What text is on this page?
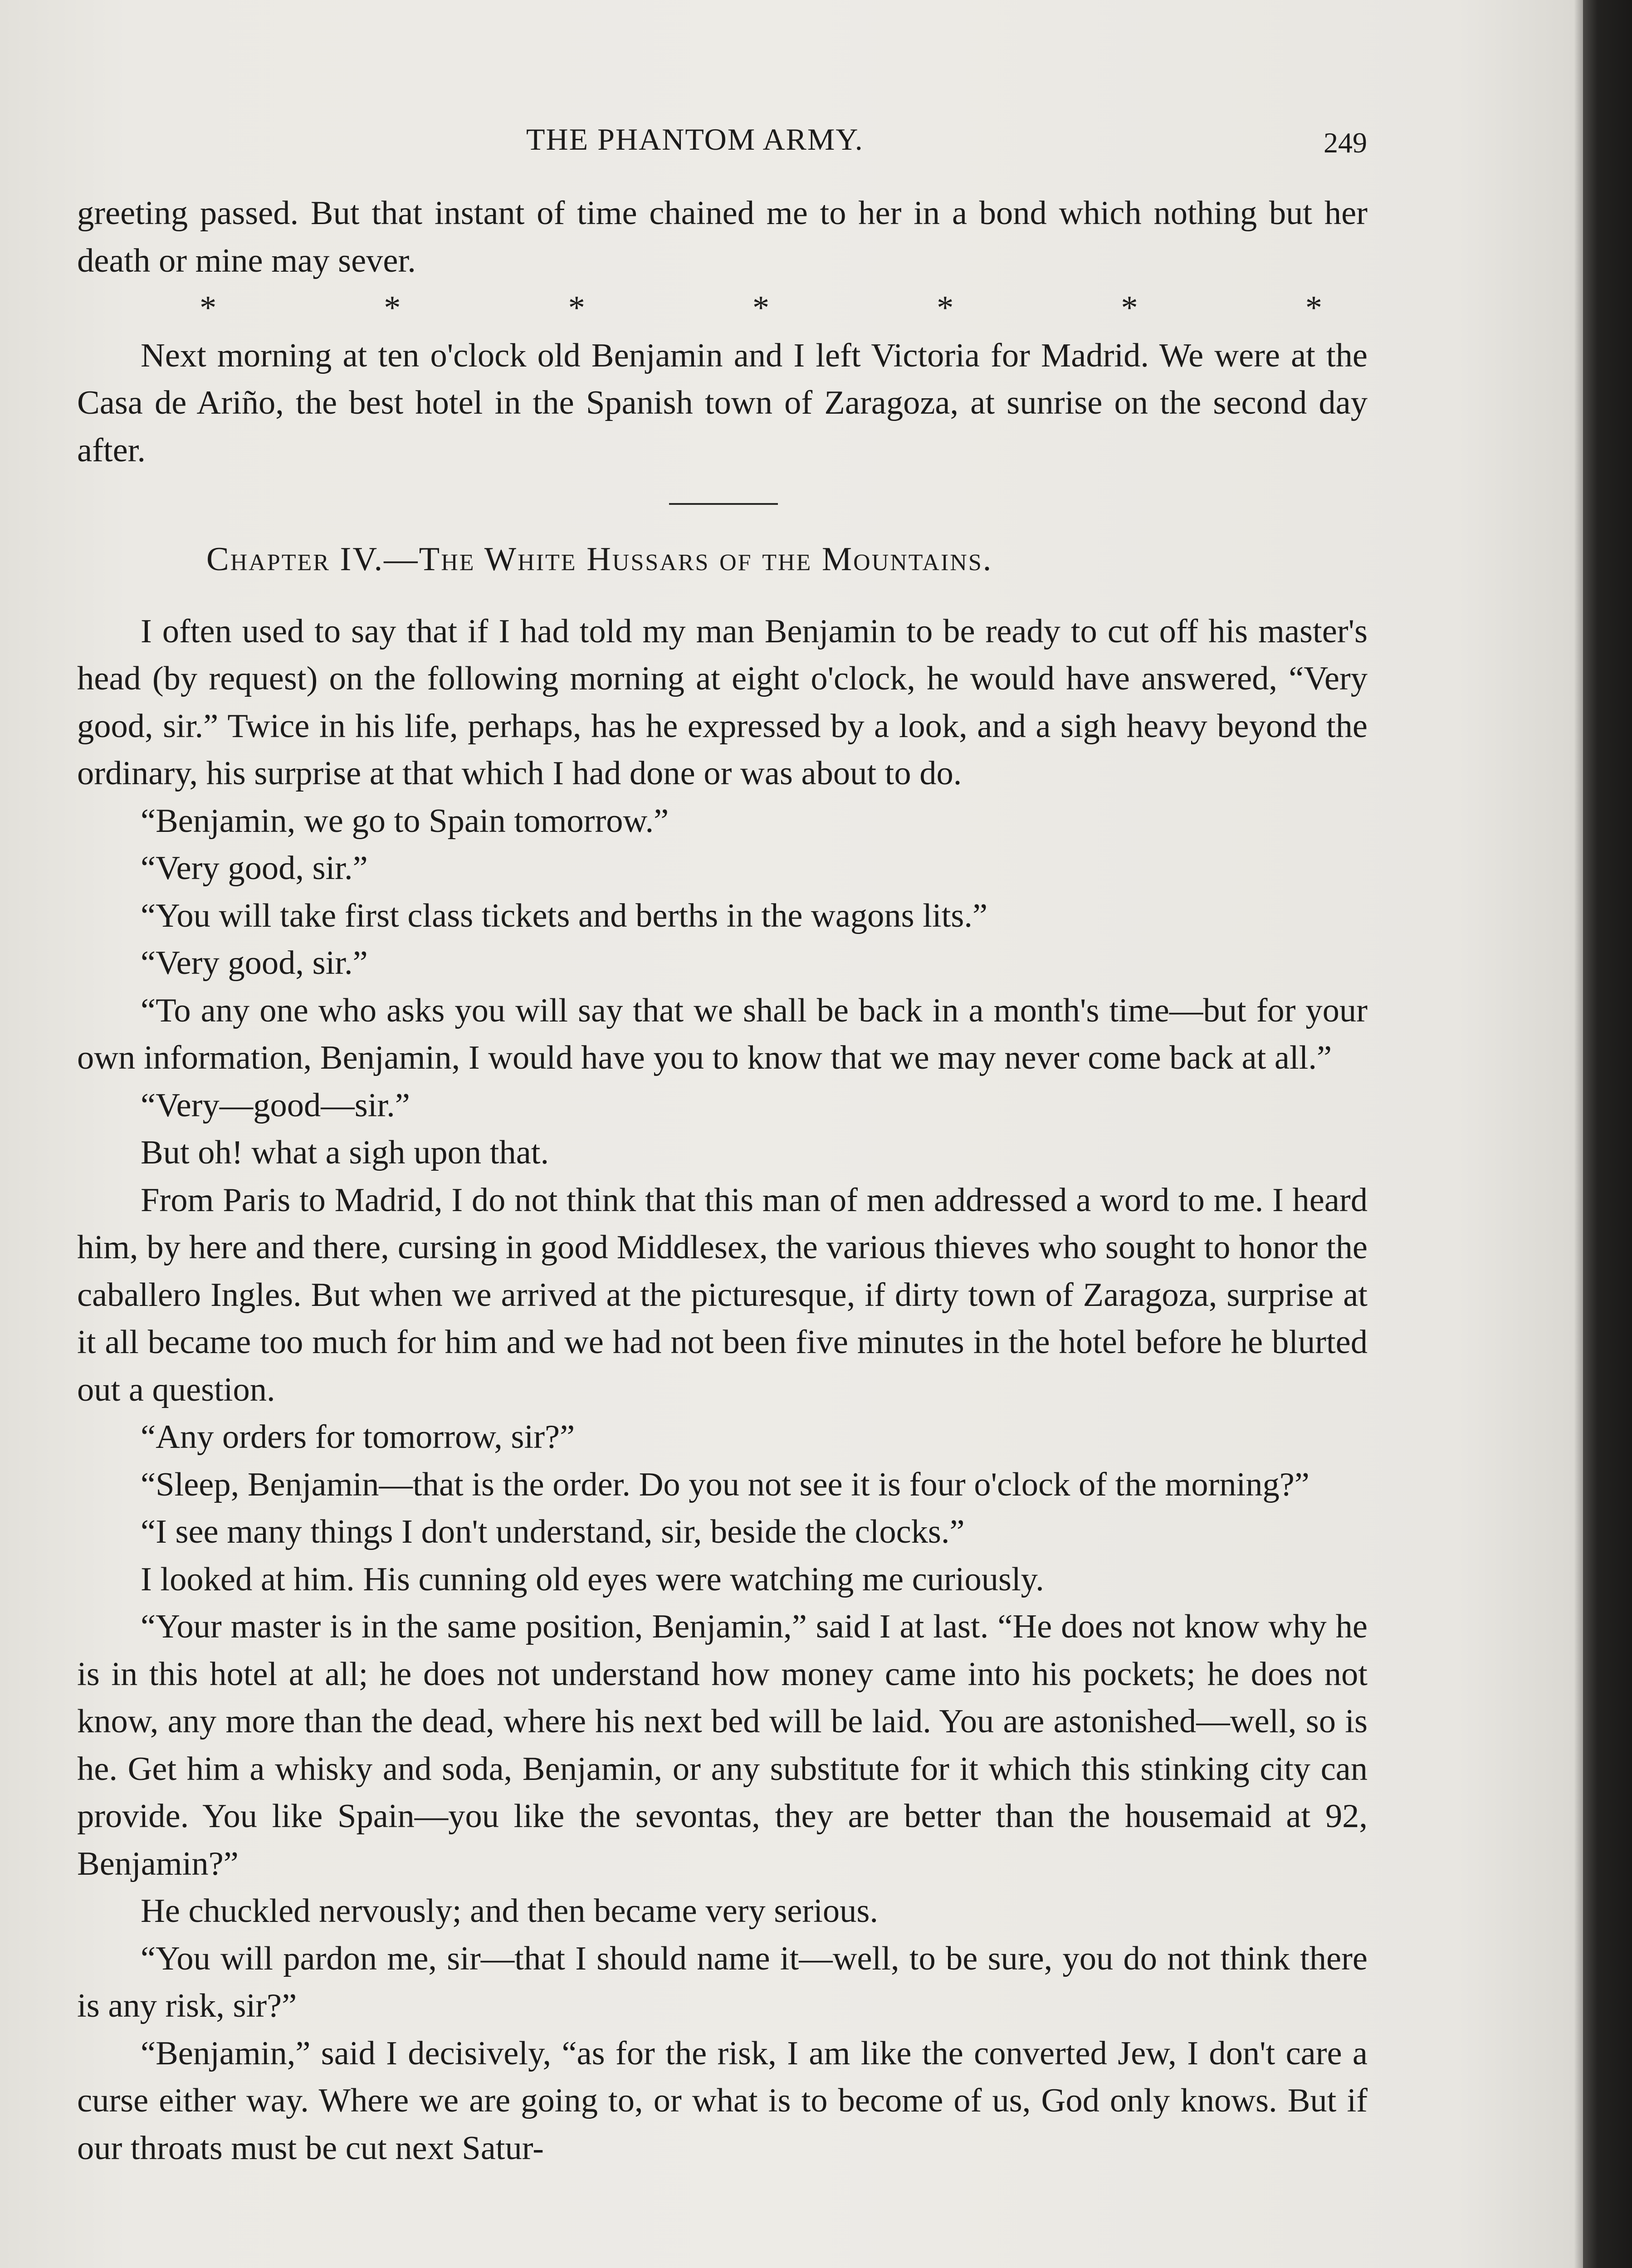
THE PHANTOM ARMY.	249

greeting passed. But that instant of time chained me to her in a bond which nothing but her death or mine may sever.

*	*	*	*	*	*	*

Next morning at ten o'clock old Benjamin and I left Victoria for Madrid. We were at the Casa de Ariño, the best hotel in the Spanish town of Zaragoza, at sunrise on the second day after.

Chapter IV.—The White Hussars of the Mountains.

I often used to say that if I had told my man Benjamin to be ready to cut off his master's head (by request) on the following morning at eight o'clock, he would have answered, “Very good, sir.” Twice in his life, perhaps, has he expressed by a look, and a sigh heavy beyond the ordinary, his surprise at that which I had done or was about to do.

“Benjamin, we go to Spain tomorrow.”

“Very good, sir.”

“You will take first class tickets and berths in the wagons lits.”

“Very good, sir.”

“To any one who asks you will say that we shall be back in a month's time—but for your own information, Benjamin, I would have you to know that we may never come back at all.”

“Very—good—sir.”

But oh! what a sigh upon that.

From Paris to Madrid, I do not think that this man of men addressed a word to me. I heard him, by here and there, cursing in good Middlesex, the various thieves who sought to honor the caballero Ingles. But when we arrived at the picturesque, if dirty town of Zaragoza, surprise at it all became too much for him and we had not been five minutes in the hotel before he blurted out a question.

“Any orders for tomorrow, sir?”

“Sleep, Benjamin—that is the order. Do you not see it is four o'clock of the morning?”

“I see many things I don't understand, sir, beside the clocks.”

I looked at him. His cunning old eyes were watching me curiously.

“Your master is in the same position, Benjamin,” said I at last. “He does not know why he is in this hotel at all; he does not understand how money came into his pockets; he does not know, any more than the dead, where his next bed will be laid. You are astonished—well, so is he. Get him a whisky and soda, Benjamin, or any substitute for it which this stinking city can provide. You like Spain—you like the sevontas, they are better than the housemaid at 92, Benjamin?”

He chuckled nervously; and then became very serious.

“You will pardon me, sir—that I should name it—well, to be sure, you do not think there is any risk, sir?”

“Benjamin,” said I decisively, “as for the risk, I am like the converted Jew, I don't care a curse either way. Where we are going to, or what is to become of us, God only knows. But if our throats must be cut next Satur-
